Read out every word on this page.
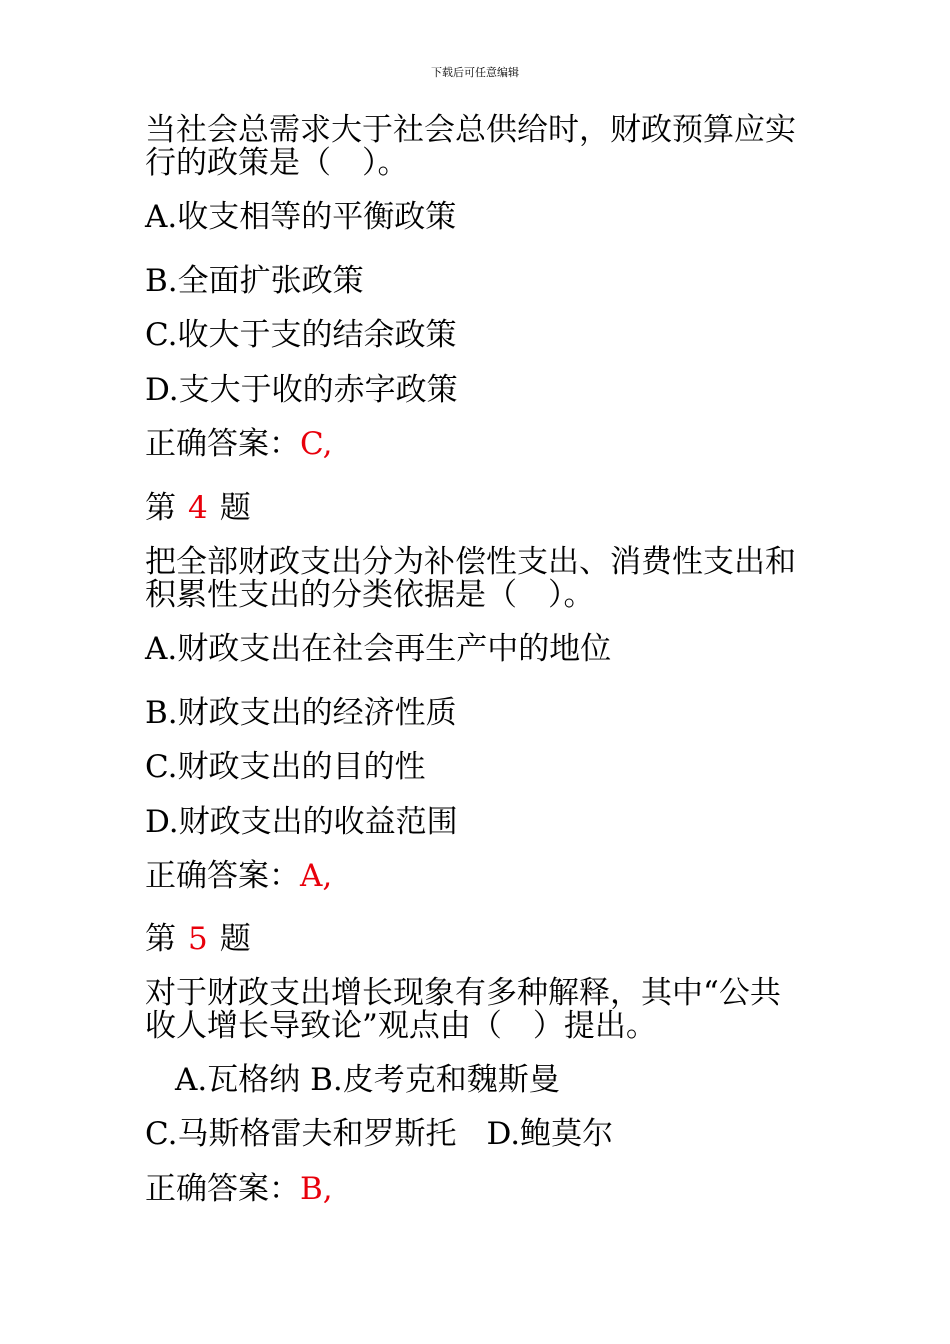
下载后可任意编辑
当社会总需求大于社会总供给时，财政预算应实行的政策是（　）。
A.收支相等的平衡政策
B.全面扩张政策
C.收大于支的结余政策
D.支大于收的赤字政策
正确答案：C,
第 4 题
把全部财政支出分为补偿性支出、消费性支出和积累性支出的分类依据是（　）。
A.财政支出在社会再生产中的地位
B.财政支出的经济性质
C.财政支出的目的性
D.财政支出的收益范围
正确答案：A,
第 5 题
对于财政支出增长现象有多种解释，其中“公共收人增长导致论”观点由（　）提出。
A.瓦格纳 B.皮考克和魏斯曼
C.马斯格雷夫和罗斯托 D.鲍莫尔
正确答案：B,
